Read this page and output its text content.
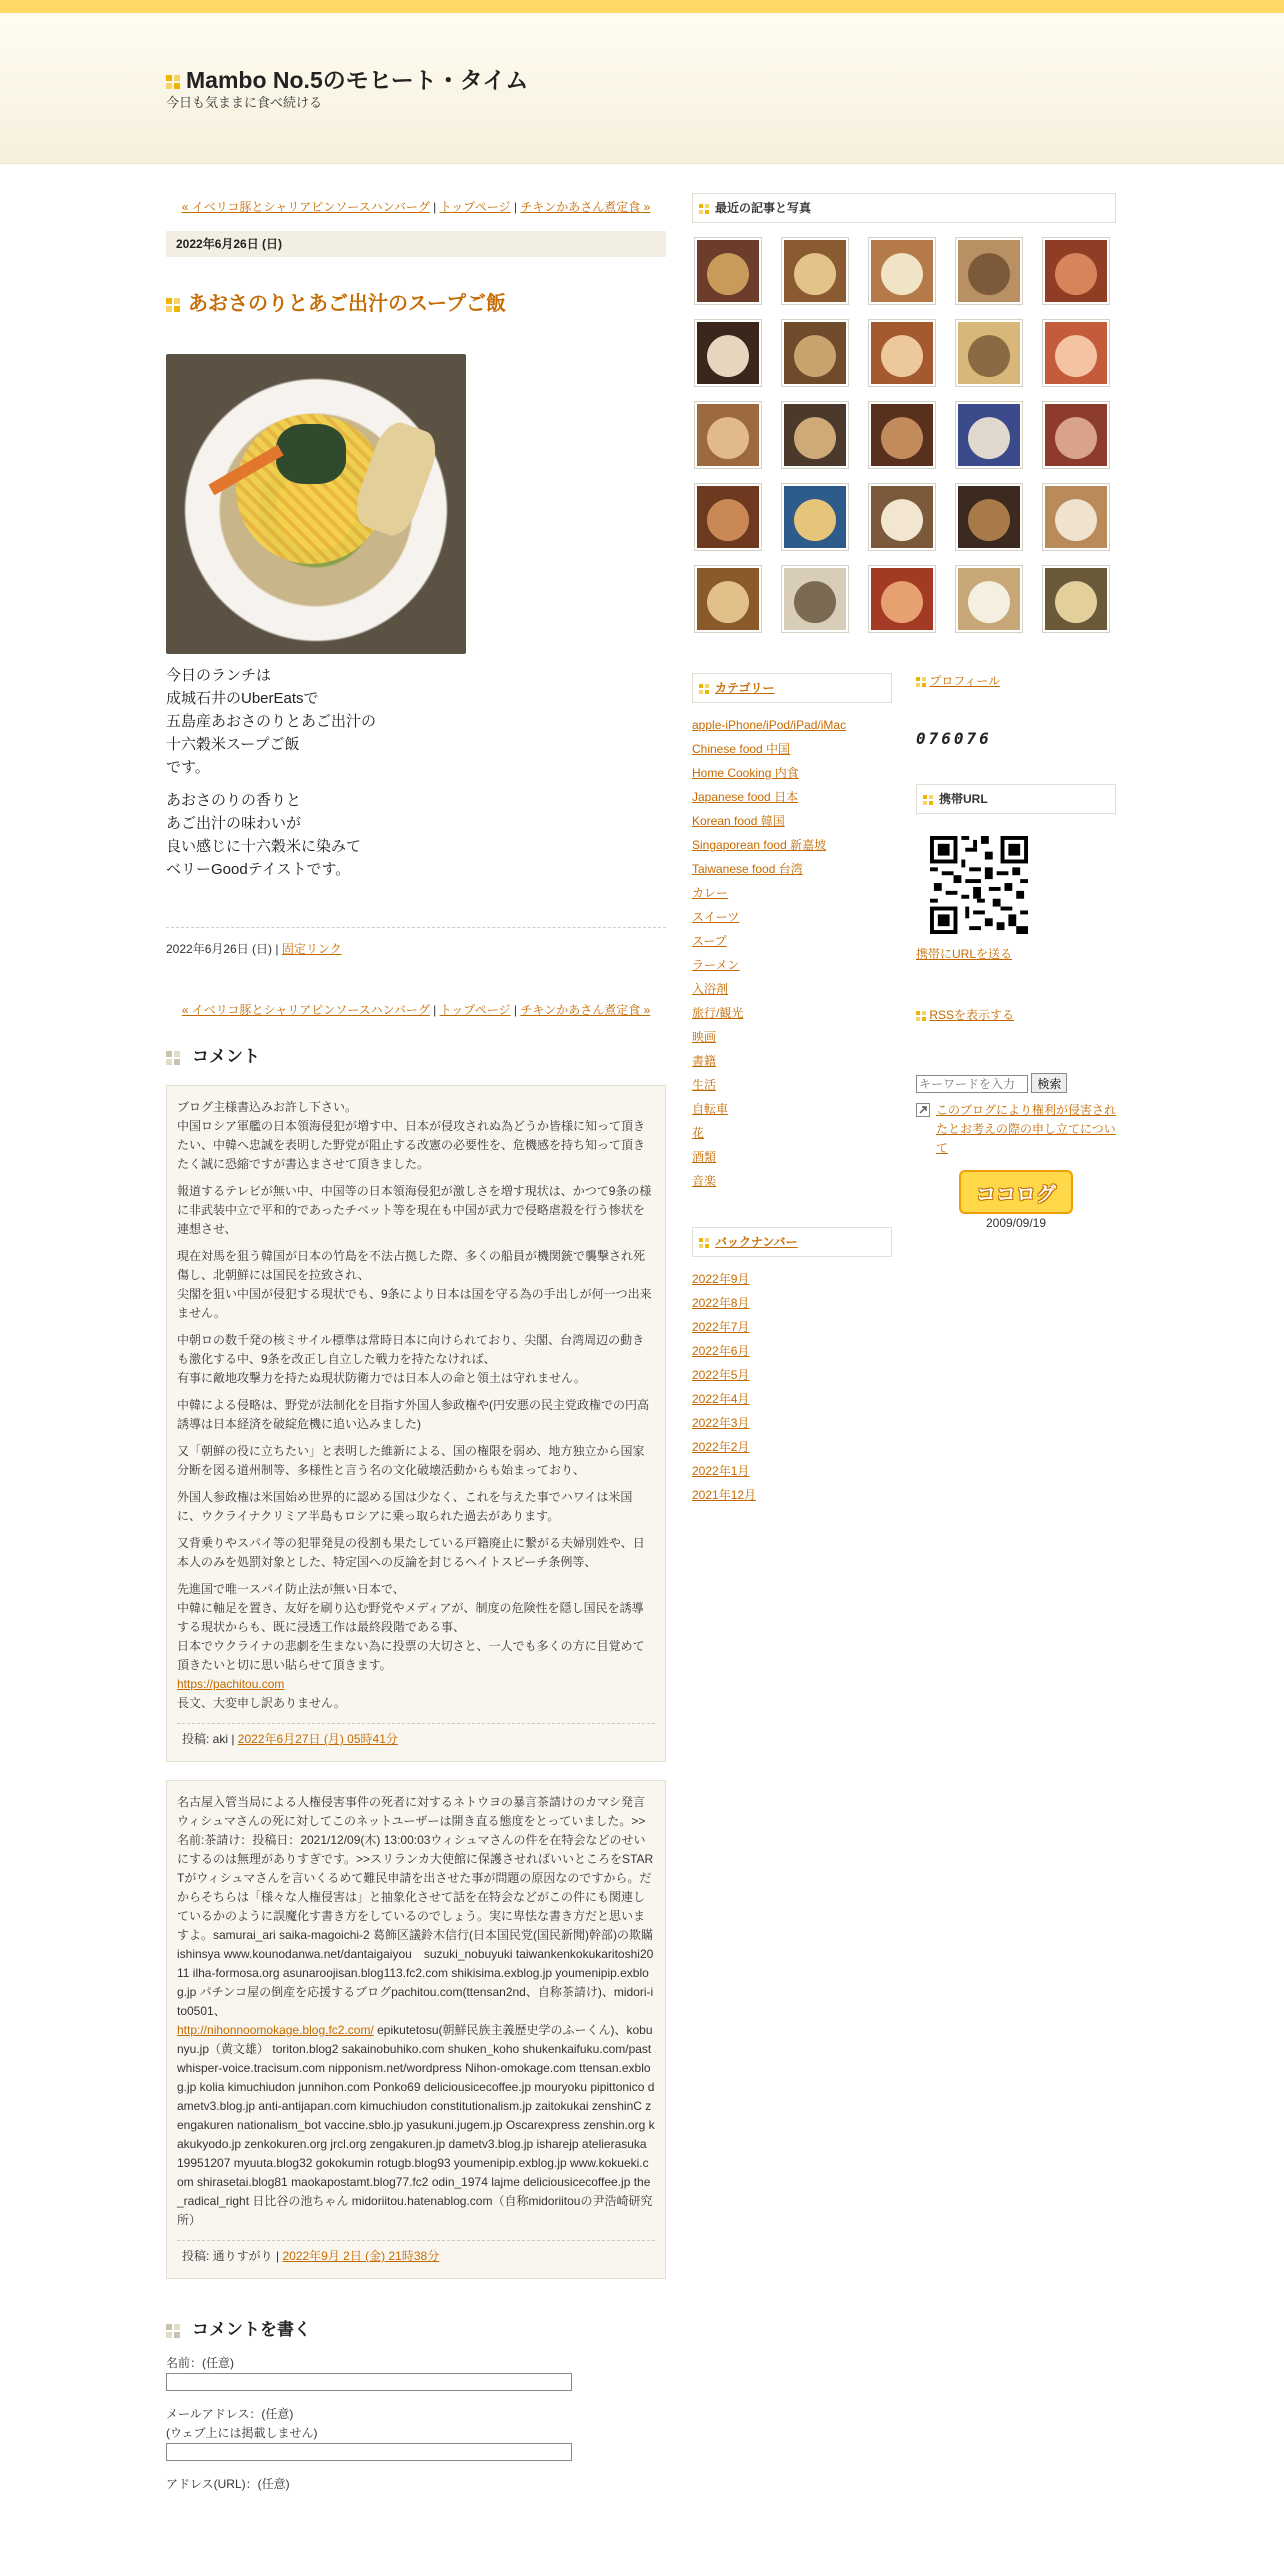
Mambo No.5のモヒート・タイム
今日も気ままに食べ続ける
« イベリコ豚とシャリアピンソースハンバーグ | トップページ | チキンかあさん煮定食 »
2022年6月26日 (日)
あおさのりとあご出汁のスープご飯

今日のランチは
成城石井のUberEatsで
五島産あおさのりとあご出汁の
十六穀米スープご飯
です。

あおさのりの香りと
あご出汁の味わいが
良い感じに十六穀米に染みて
ベリーGoodテイストです。

2022年6月26日 (日) | 固定リンク
« イベリコ豚とシャリアピンソースハンバーグ | トップページ | チキンかあさん煮定食 »
コメント

ブログ主様書込みお許し下さい。
中国ロシア軍艦の日本領海侵犯が増す中、日本が侵攻されぬ為どうか皆様に知って頂きたい、中韓へ忠誠を表明した野党が阻止する改憲の必要性を、危機感を持ち知って頂きたく誠に恐縮ですが書込まさせて頂きました。

報道するテレビが無い中、中国等の日本領海侵犯が激しさを増す現状は、かつて9条の様に非武装中立で平和的であったチベット等を現在も中国が武力で侵略虐殺を行う惨状を連想させ、

現在対馬を狙う韓国が日本の竹島を不法占拠した際、多くの船員が機関銃で襲撃され死傷し、北朝鮮には国民を拉致され、
尖閣を狙い中国が侵犯する現状でも、9条により日本は国を守る為の手出しが何一つ出来ません。

中朝ロの数千発の核ミサイル標準は常時日本に向けられており、尖閣、台湾周辺の動きも激化する中、9条を改正し自立した戦力を持たなければ、
有事に敵地攻撃力を持たぬ現状防衛力では日本人の命と領土は守れません。

中韓による侵略は、野党が法制化を目指す外国人参政権や(円安悪の民主党政権での円高誘導は日本経済を破綻危機に追い込みました)

又「朝鮮の役に立ちたい」と表明した維新による、国の権限を弱め、地方独立から国家分断を図る道州制等、多様性と言う名の文化破壊活動からも始まっており、

外国人参政権は米国始め世界的に認める国は少なく、これを与えた事でハワイは米国に、ウクライナクリミア半島もロシアに乗っ取られた過去があります。

又背乗りやスパイ等の犯罪発見の役割も果たしている戸籍廃止に繋がる夫婦別姓や、日本人のみを処罰対象とした、特定国への反論を封じるヘイトスピーチ条例等、

先進国で唯一スパイ防止法が無い日本で、
中韓に軸足を置き、友好を刷り込む野党やメディアが、制度の危険性を隠し国民を誘導する現状からも、既に浸透工作は最終段階である事、
日本でウクライナの悲劇を生まない為に投票の大切さと、一人でも多くの方に目覚めて頂きたいと切に思い貼らせて頂きます。
https://pachitou.com
長文、大変申し訳ありません。
投稿: aki | 2022年6月27日 (月) 05時41分
名古屋入管当局による人権侵害事件の死者に対するネトウヨの暴言茶請けのカマシ発言ウィシュマさんの死に対してこのネットユーザーは開き直る態度をとっていました。>>名前:茶請け：投稿日：2021/12/09(木) 13:00:03ウィシュマさんの件を在特会などのせいにするのは無理がありすぎです。>>スリランカ大使館に保護させればいいところをSTARTがウィシュマさんを言いくるめて難民申請を出させた事が問題の原因なのですから。だからそちらは「様々な人権侵害は」と抽象化させて話を在特会などがこの件にも関連しているかのように誤魔化す書き方をしているのでしょう。実に卑怯な書き方だと思いますよ。samurai_ari saika-magoichi-2 葛飾区議鈴木信行(日本国民党(国民新聞)幹部)の欺瞞　ishinsya www.kounodanwa.net/dantaigaiyou　suzuki_nobuyuki taiwankenkokukaritoshi2011 ilha-formosa.org asunaroojisan.blog113.fc2.com shikisima.exblog.jp youmenipip.exblog.jp パチンコ屋の倒産を応援するブログpachitou.com(ttensan2nd、自称茶請け)、midori-ito0501、
http://nihonnoomokage.blog.fc2.com/ epikutetosu(朝鮮民族主義歴史学のふーくん)、kobunyu.jp（黄文雄） toriton.blog2 sakainobuhiko.com shuken_koho shukenkaifuku.com/past whisper-voice.tracisum.com nipponism.net/wordpress Nihon-omokage.com ttensan.exblog.jp kolia kimuchiudon junnihon.com Ponko69 deliciousicecoffee.jp mouryoku pipittonico dametv3.blog.jp anti-antijapan.com kimuchiudon constitutionalism.jp zaitokukai zenshinC zengakuren nationalism_bot vaccine.sblo.jp yasukuni.jugem.jp Oscarexpress zenshin.org kakukyodo.jp zenkokuren.org jrcl.org zengakuren.jp dametv3.blog.jp isharejp atelierasuka 19951207 myuuta.blog32 gokokumin rotugb.blog93 youmenipip.exblog.jp www.kokueki.com shirasetai.blog81 maokapostamt.blog77.fc2 odin_1974 lajme deliciousicecoffee.jp the_radical_right 日比谷の池ちゃん midoriitou.hatenablog.com（自称midoriitouの尹浩崎研究所）
投稿: 通りすがり | 2022年9月 2日 (金) 21時38分
コメントを書く
名前：(任意)
メールアドレス：(任意)
(ウェブ上には掲載しません)
アドレス(URL)：(任意)
最近の記事と写真
カテゴリー
apple-iPhone/iPod/iPad/iMac
Chinese food 中国
Home Cooking 内食
Japanese food 日本
Korean food 韓国
Singaporean food 新嘉坡
Taiwanese food 台湾
カレー
スイーツ
スープ
ラーメン
入浴剤
旅行/観光
映画
書籍
生活
自転車
花
酒類
音楽
バックナンバー
2022年9月
2022年8月
2022年7月
2022年6月
2022年5月
2022年4月
2022年3月
2022年2月
2022年1月
2021年12月
プロフィール
076076
携帯URL
携帯にURLを送る
RSSを表示する
キーワードを入力 検索
このブログにより権利が侵害されたとお考えの際の申し立てについて
ココログ
2009/09/19
